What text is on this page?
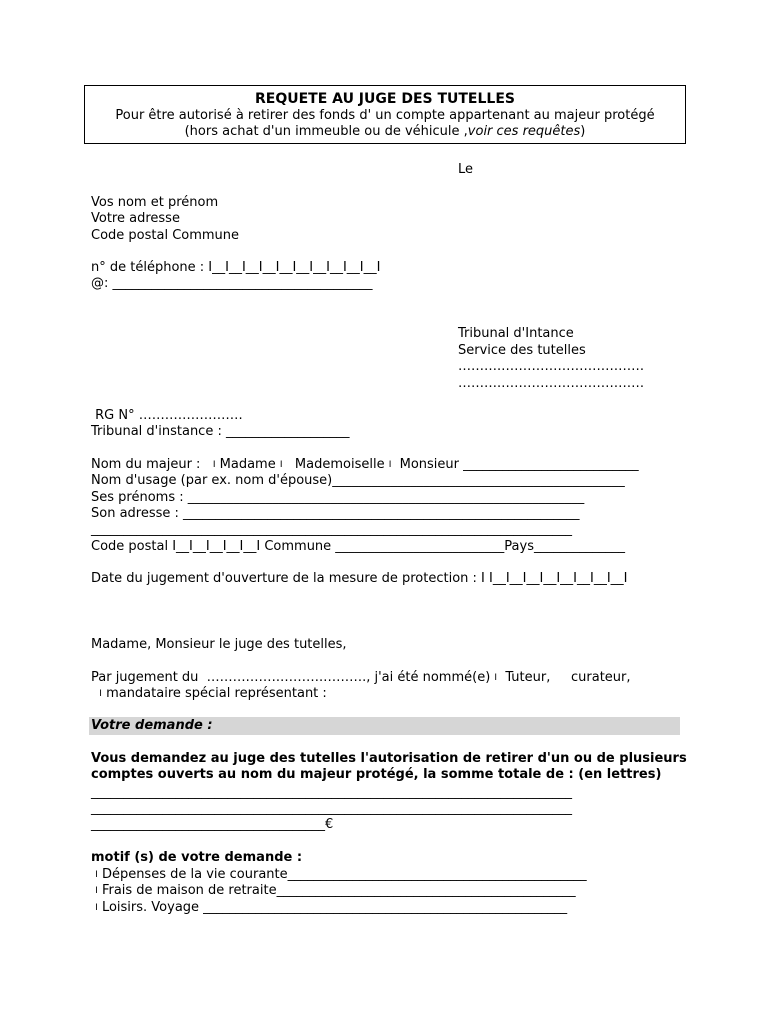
REQUETE AU JUGE DES TUTELLES
Pour être autorisé à retirer des fonds d' un compte appartenant au majeur protégé
(hors achat d'un immeuble ou de véhicule ,voir ces requêtes)
Le
Vos nom et prénom
Votre adresse
Code postal Commune
n° de téléphone : I__I__I__I__I__I__I__I__I__I__I
@: ________________________________________
Tribunal d'Intance
Service des tutelles
……….……………………………
……….……………………………
RG N° ……………………
Tribunal d'instance : ___________________
Nom du majeur :   I Madame I Mademoiselle I Monsieur ___________________________
Nom d'usage (par ex. nom d'épouse)_____________________________________________
Ses prénoms : _____________________________________________________________
Son adresse : _____________________________________________________________
__________________________________________________________________________
Code postal I__I__I__I__I__I Commune __________________________Pays______________
Date du jugement d'ouverture de la mesure de protection : I I__I__I__I__I__I__I__I__I
Madame, Monsieur le juge des tutelles,
Par jugement du  ……….…….……….………., j'ai été nommé(e) I Tuteur,     curateur,
I mandataire spécial représentant :
Votre demande :
Vous demandez au juge des tutelles l'autorisation de retirer d'un ou de plusieurs
comptes ouverts au nom du majeur protégé, la somme totale de : (en lettres)
__________________________________________________________________________
__________________________________________________________________________
____________________________________€
motif (s) de votre demande :
I Dépenses de la vie courante______________________________________________
I Frais de maison de retraite______________________________________________
I Loisirs. Voyage ________________________________________________________
